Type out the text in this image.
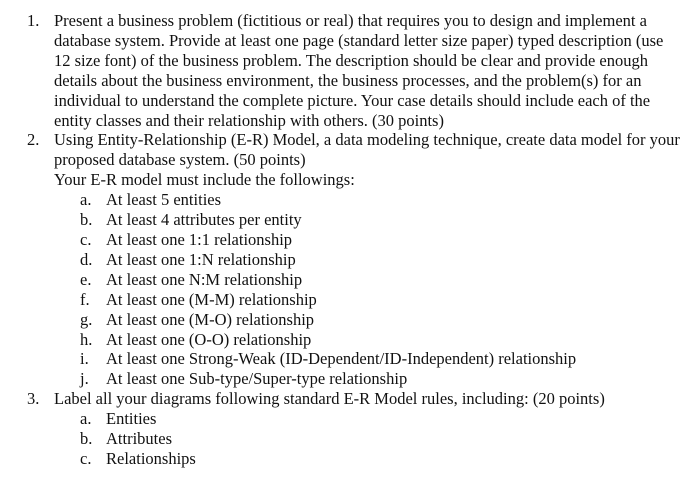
1. Present a business problem (fictitious or real) that requires you to design and implement a database system. Provide at least one page (standard letter size paper) typed description (use 12 size font) of the business problem. The description should be clear and provide enough details about the business environment, the business processes, and the problem(s) for an individual to understand the complete picture. Your case details should include each of the entity classes and their relationship with others. (30 points)
2. Using Entity-Relationship (E-R) Model, a data modeling technique, create data model for your proposed database system. (50 points)
Your E-R model must include the followings:
a. At least 5 entities
b. At least 4 attributes per entity
c. At least one 1:1 relationship
d. At least one 1:N relationship
e. At least one N:M relationship
f. At least one (M-M) relationship
g. At least one (M-O) relationship
h. At least one (O-O) relationship
i. At least one Strong-Weak (ID-Dependent/ID-Independent) relationship
j. At least one Sub-type/Super-type relationship
3. Label all your diagrams following standard E-R Model rules, including: (20 points)
a. Entities
b. Attributes
c. Relationships
